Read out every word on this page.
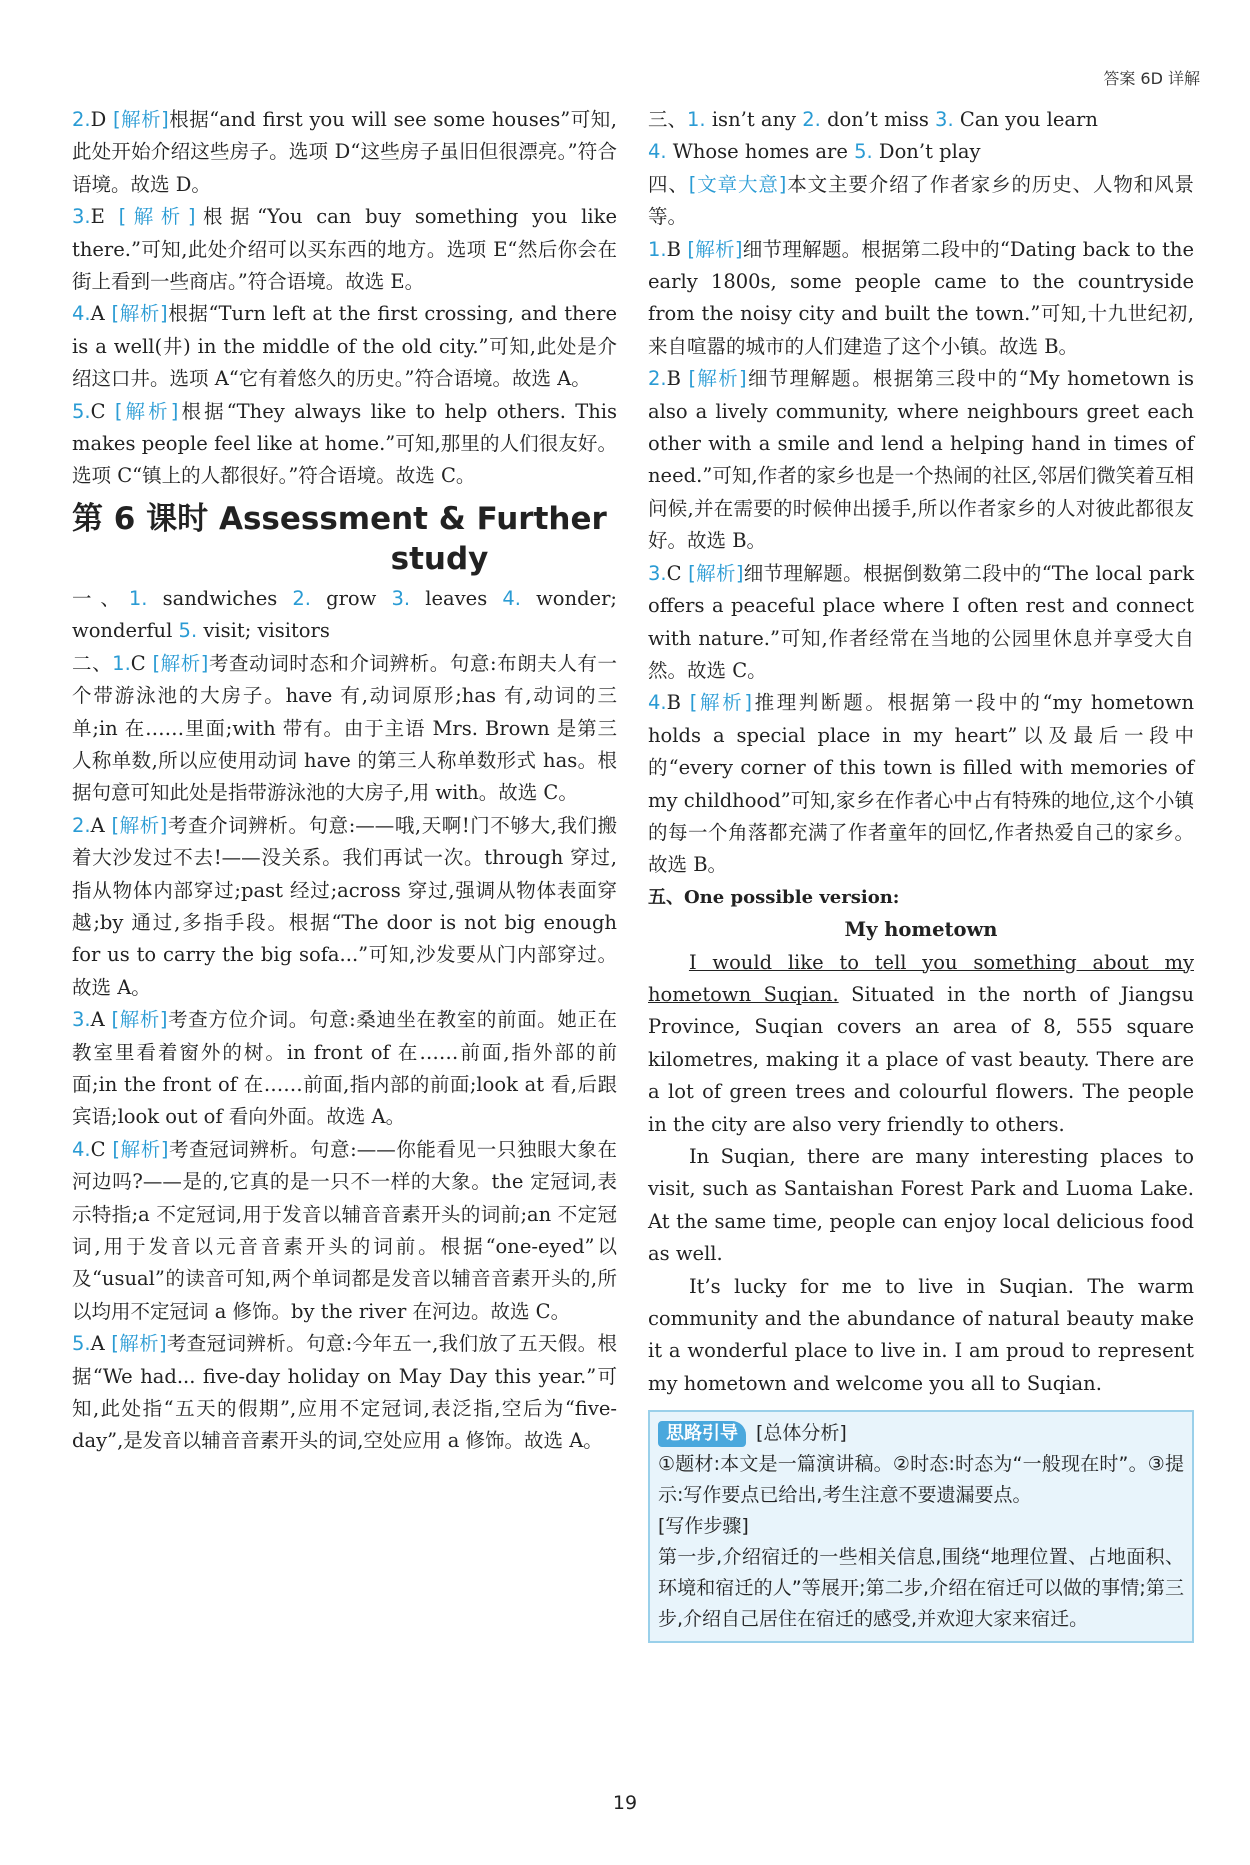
答案 6D 详解

2.D [解析]根据“and first you will see some houses”可知,此处开始介绍这些房子。选项 D“这些房子虽旧但很漂亮。”符合语境。故选 D。

3.E [解析]根据“You can buy something you like there.”可知,此处介绍可以买东西的地方。选项 E“然后你会在街上看到一些商店。”符合语境。故选 E。

4.A [解析]根据“Turn left at the first crossing, and there is a well(井) in the middle of the old city.”可知,此处是介绍这口井。选项 A“它有着悠久的历史。”符合语境。故选 A。

5.C [解析]根据“They always like to help others. This makes people feel like at home.”可知,那里的人们很友好。选项 C“镇上的人都很好。”符合语境。故选 C。

第 6 课时 Assessment & Further
study

一、1. sandwiches 2. grow 3. leaves 4. wonder; wonderful 5. visit; visitors

二、1.C [解析]考查动词时态和介词辨析。句意:布朗夫人有一个带游泳池的大房子。have 有,动词原形;has 有,动词的三单;in 在……里面;with 带有。由于主语 Mrs. Brown 是第三人称单数,所以应使用动词 have 的第三人称单数形式 has。根据句意可知此处是指带游泳池的大房子,用 with。故选 C。

2.A [解析]考查介词辨析。句意:——哦,天啊!门不够大,我们搬着大沙发过不去!——没关系。我们再试一次。through 穿过,指从物体内部穿过;past 经过;across 穿过,强调从物体表面穿越;by 通过,多指手段。根据“The door is not big enough for us to carry the big sofa...”可知,沙发要从门内部穿过。故选 A。

3.A [解析]考查方位介词。句意:桑迪坐在教室的前面。她正在教室里看着窗外的树。in front of 在……前面,指外部的前面;in the front of 在……前面,指内部的前面;look at 看,后跟宾语;look out of 看向外面。故选 A。

4.C [解析]考查冠词辨析。句意:——你能看见一只独眼大象在河边吗?——是的,它真的是一只不一样的大象。the 定冠词,表示特指;a 不定冠词,用于发音以辅音音素开头的词前;an 不定冠词,用于发音以元音音素开头的词前。根据“one-eyed”以及“usual”的读音可知,两个单词都是发音以辅音音素开头的,所以均用不定冠词 a 修饰。by the river 在河边。故选 C。

5.A [解析]考查冠词辨析。句意:今年五一,我们放了五天假。根据“We had... five-day holiday on May Day this year.”可知,此处指“五天的假期”,应用不定冠词,表泛指,空后为“five-day”,是发音以辅音音素开头的词,空处应用 a 修饰。故选 A。

三、1. isn’t any 2. don’t miss 3. Can you learn
4. Whose homes are 5. Don’t play

四、[文章大意]本文主要介绍了作者家乡的历史、人物和风景等。

1.B [解析]细节理解题。根据第二段中的“Dating back to the early 1800s, some people came to the countryside from the noisy city and built the town.”可知,十九世纪初,来自喧嚣的城市的人们建造了这个小镇。故选 B。

2.B [解析]细节理解题。根据第三段中的“My hometown is also a lively community, where neighbours greet each other with a smile and lend a helping hand in times of need.”可知,作者的家乡也是一个热闹的社区,邻居们微笑着互相问候,并在需要的时候伸出援手,所以作者家乡的人对彼此都很友好。故选 B。

3.C [解析]细节理解题。根据倒数第二段中的“The local park offers a peaceful place where I often rest and connect with nature.”可知,作者经常在当地的公园里休息并享受大自然。故选 C。

4.B [解析]推理判断题。根据第一段中的“my hometown holds a special place in my heart”以及最后一段中的“every corner of this town is filled with memories of my childhood”可知,家乡在作者心中占有特殊的地位,这个小镇的每一个角落都充满了作者童年的回忆,作者热爱自己的家乡。故选 B。

五、One possible version:

My hometown

I would like to tell you something about my hometown Suqian. Situated in the north of Jiangsu Province, Suqian covers an area of 8, 555 square kilometres, making it a place of vast beauty. There are a lot of green trees and colourful flowers. The people in the city are also very friendly to others.

In Suqian, there are many interesting places to visit, such as Santaishan Forest Park and Luoma Lake. At the same time, people can enjoy local delicious food as well.

It’s lucky for me to live in Suqian. The warm community and the abundance of natural beauty make it a wonderful place to live in. I am proud to represent my hometown and welcome you all to Suqian.

思路引导 [总体分析]

①题材:本文是一篇演讲稿。②时态:时态为“一般现在时”。③提示:写作要点已给出,考生注意不要遗漏要点。

[写作步骤]

第一步,介绍宿迁的一些相关信息,围绕“地理位置、占地面积、环境和宿迁的人”等展开;第二步,介绍在宿迁可以做的事情;第三步,介绍自己居住在宿迁的感受,并欢迎大家来宿迁。

19
